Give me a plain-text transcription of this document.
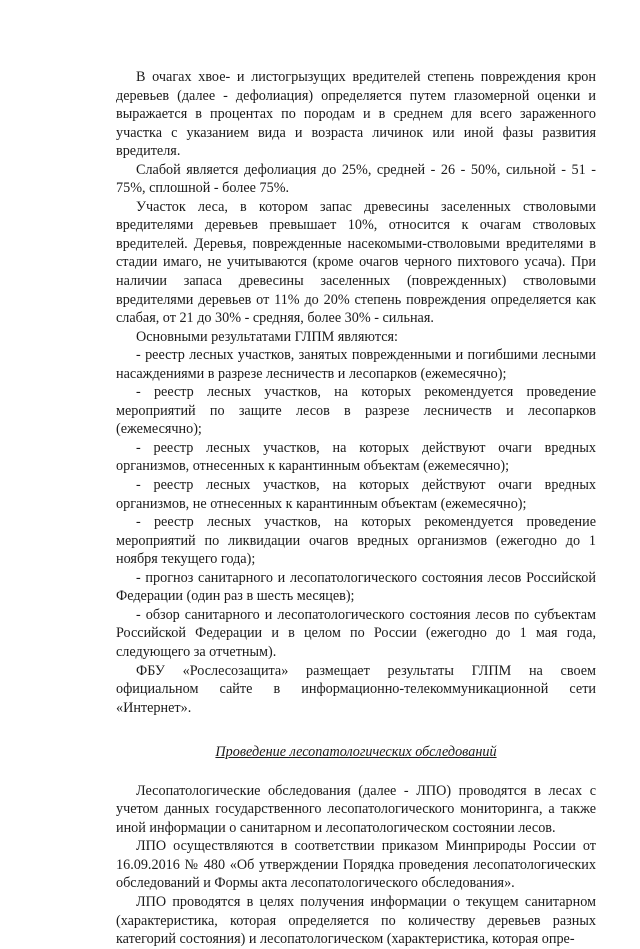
В очагах хвое- и листогрызущих вредителей степень повреждения крон деревьев (далее - дефолиация) определяется путем глазомерной оценки и выражается в процентах по породам и в среднем для всего зараженного участка с указанием вида и возраста личинок или иной фазы развития вредителя.

Слабой является дефолиация до 25%, средней - 26 - 50%, сильной - 51 - 75%, сплошной - более 75%.

Участок леса, в котором запас древесины заселенных стволовыми вредителями деревьев превышает 10%, относится к очагам стволовых вредителей. Деревья, поврежденные насекомыми-стволовыми вредителями в стадии имаго, не учитываются (кроме очагов черного пихтового усача). При наличии запаса древесины заселенных (поврежденных) стволовыми вредителями деревьев от 11% до 20% степень повреждения определяется как слабая, от 21 до 30% - средняя, более 30% - сильная.

Основными результатами ГЛПМ являются:

- реестр лесных участков, занятых поврежденными и погибшими лесными насаждениями в разрезе лесничеств и лесопарков (ежемесячно);

- реестр лесных участков, на которых рекомендуется проведение мероприятий по защите лесов в разрезе лесничеств и лесопарков (ежемесячно);

- реестр лесных участков, на которых действуют очаги вредных организмов, отнесенных к карантинным объектам (ежемесячно);

- реестр лесных участков, на которых действуют очаги вредных организмов, не отнесенных к карантинным объектам (ежемесячно);

- реестр лесных участков, на которых рекомендуется проведение мероприятий по ликвидации очагов вредных организмов (ежегодно до 1 ноября текущего года);

- прогноз санитарного и лесопатологического состояния лесов Российской Федерации (один раз в шесть месяцев);

- обзор санитарного и лесопатологического состояния лесов по субъектам Российской Федерации и в целом по России (ежегодно до 1 мая года, следующего за отчетным).

ФБУ «Рослесозащита» размещает результаты ГЛПМ на своем официальном сайте в информационно-телекоммуникационной сети «Интернет».

Проведение лесопатологических обследований

Лесопатологические обследования (далее - ЛПО) проводятся в лесах с учетом данных государственного лесопатологического мониторинга, а также иной информации о санитарном и лесопатологическом состоянии лесов.

ЛПО осуществляются в соответствии приказом Минприроды России от 16.09.2016 № 480 «Об утверждении Порядка проведения лесопатологических обследований и Формы акта лесопатологического обследования».

ЛПО проводятся в целях получения информации о текущем санитарном (характеристика, которая определяется по количеству деревьев разных категорий состояния) и лесопатологическом (характеристика, которая опре-
